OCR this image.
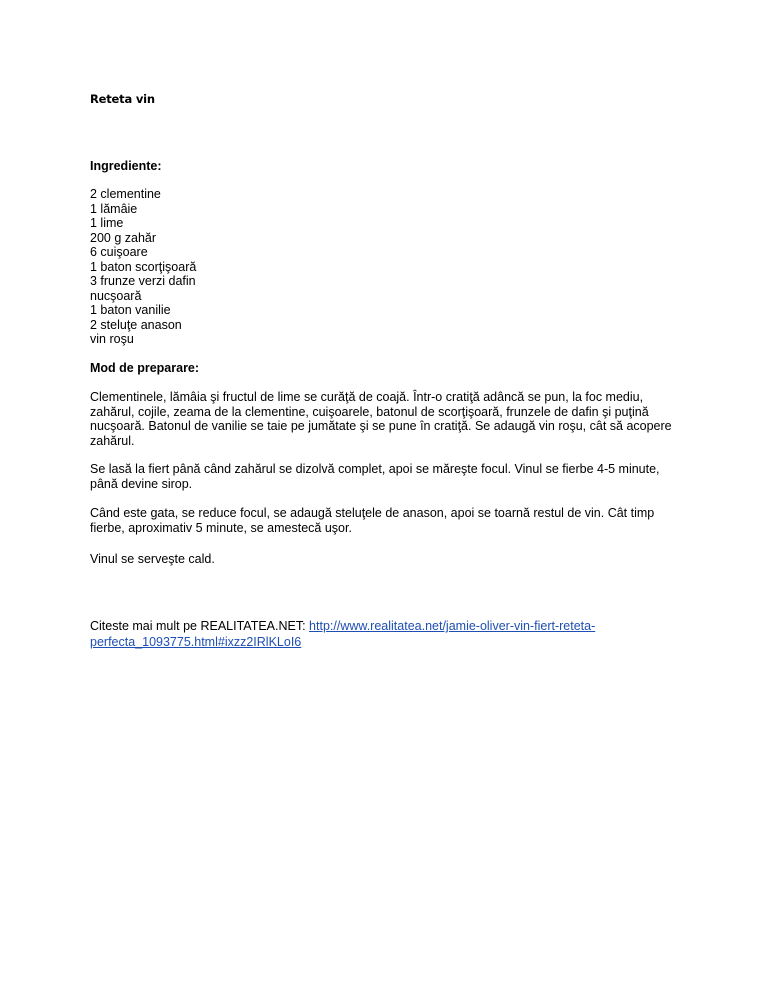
Reteta vin
Ingrediente:
2 clementine
1 lămâie
1 lime
200 g zahăr
6 cuişoare
1 baton scorţişoară
3 frunze verzi dafin
nucşoară
1 baton vanilie
2 steluţe anason
vin roşu
Mod de preparare:

Clementinele, lămâia şi fructul de lime se curăţă de coajă. Într-o cratiţă adâncă se pun, la foc mediu, zahărul, cojile, zeama de la clementine, cuişoarele, batonul de scorţişoară, frunzele de dafin şi puţină nucşoară. Batonul de vanilie se taie pe jumătate şi se pune în cratiţă. Se adaugă vin roşu, cât să acopere zahărul.

Se lasă la fiert până când zahărul se dizolvă complet, apoi se măreşte focul. Vinul se fierbe 4-5 minute, până devine sirop.

Când este gata, se reduce focul, se adaugă steluţele de anason, apoi se toarnă restul de vin. Cât timp fierbe, aproximativ 5 minute, se amestecă uşor.

Vinul se serveşte cald.

Citeste mai mult pe REALITATEA.NET: http://www.realitatea.net/jamie-oliver-vin-fiert-reteta-perfecta_1093775.html#ixzz2IRlKLoI6
